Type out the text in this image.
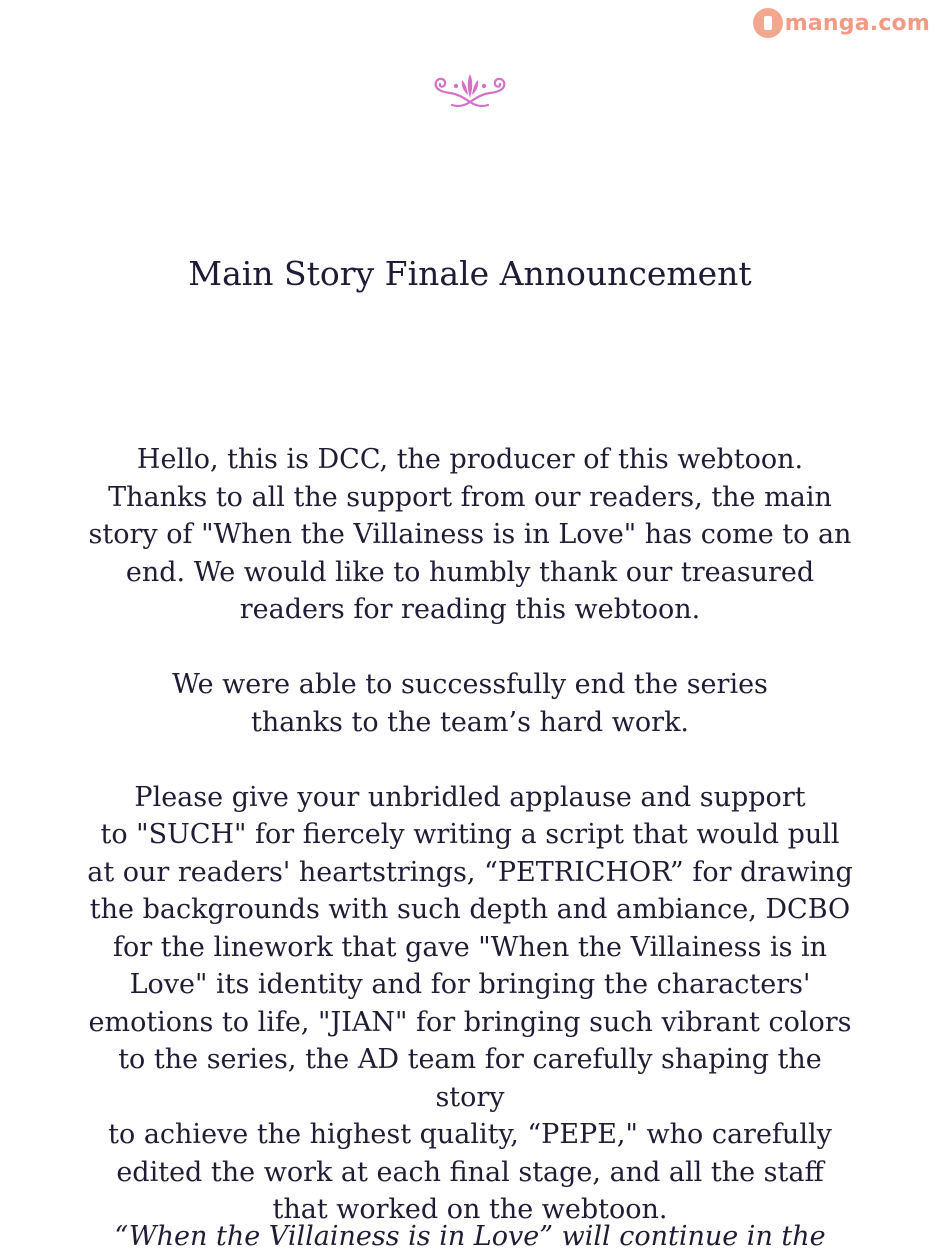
manga.com
Main Story Finale Announcement

Hello, this is DCC, the producer of this webtoon.
Thanks to all the support from our readers, the main
story of "When the Villainess is in Love" has come to an
end. We would like to humbly thank our treasured
readers for reading this webtoon.

We were able to successfully end the series
thanks to the team’s hard work.

Please give your unbridled applause and support
to "SUCH" for fiercely writing a script that would pull
at our readers' heartstrings, “PETRICHOR” for drawing
the backgrounds with such depth and ambiance, DCBO
for the linework that gave "When the Villainess is in
Love" its identity and for bringing the characters'
emotions to life, "JIAN" for bringing such vibrant colors
to the series, the AD team for carefully shaping the story
to achieve the highest quality, “PEPE," who carefully
edited the work at each final stage, and all the staff
that worked on the webtoon.

“When the Villainess is in Love” will continue in the
